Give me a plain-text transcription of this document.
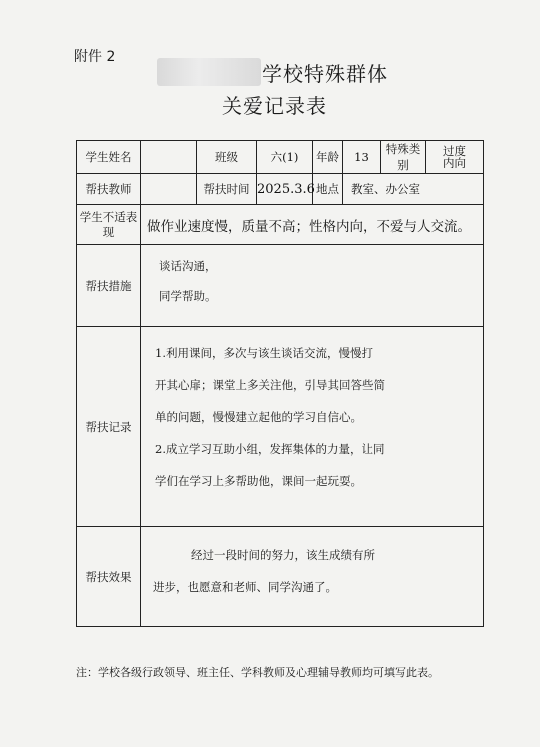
附件 2
学校特殊群体
关爱记录表
学生姓名		班级	六(1)	年龄	13	特殊类别	过度
内向

帮扶教师		帮扶时间	2025.3.6	地点	教室、办公室		
学生不适表现	做作业速度慢，质量不高；性格内向，不爱与人交流。						
帮扶措施	谈话沟通，

同学帮助。						

帮扶记录	1.利用课间，多次与该生谈话交流，慢慢打

开其心扉；课堂上多关注他，引导其回答些简

单的问题，慢慢建立起他的学习自信心。

2.成立学习互助小组，发挥集体的力量，让同

学们在学习上多帮助他，课间一起玩耍。						

帮扶效果	经过一段时间的努力，该生成绩有所

进步，也愿意和老师、同学沟通了。						

注：学校各级行政领导、班主任、学科教师及心理辅导教师均可填写此表。
